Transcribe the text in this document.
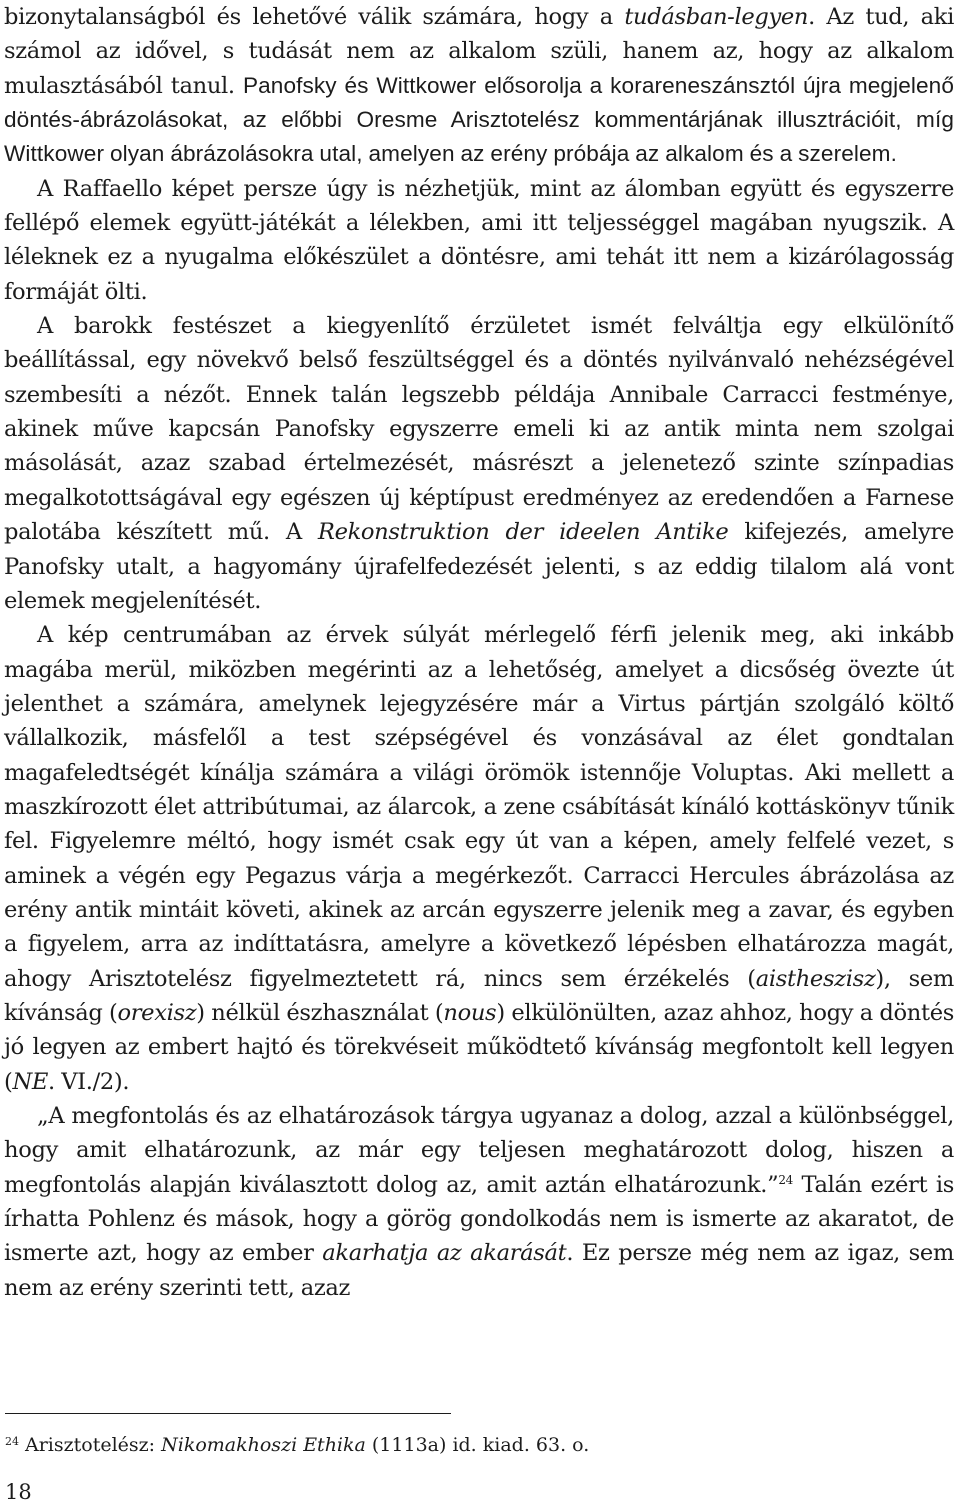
bizonytalanságból és lehetővé válik számára, hogy a tudásban-legyen. Az tud, aki számol az idővel, s tudását nem az alkalom szüli, hanem az, hogy az alkalom mulasztásából tanul. Panofsky és Wittkower elősorolja a korareneszánsztól újra megjelenő döntés-ábrázolásokat, az előbbi Oresme Arisztotelész kommentárjának illusztrációit, míg Wittkower olyan ábrázolásokra utal, amelyen az erény próbája az alkalom és a szerelem.

A Raffaello képet persze úgy is nézhetjük, mint az álomban együtt és egyszerre fellépő elemek együtt-játékát a lélekben, ami itt teljességgel magában nyugszik. A léleknek ez a nyugalma előkészület a döntésre, ami tehát itt nem a kizárólagosság formáját ölti.

A barokk festészet a kiegyenlítő érzületet ismét felváltja egy elkülönítő beállítással, egy növekvő belső feszültséggel és a döntés nyilvánvaló nehézségével szembesíti a nézőt. Ennek talán legszebb példája Annibale Carracci festménye, akinek műve kapcsán Panofsky egyszerre emeli ki az antik minta nem szolgai másolását, azaz szabad értelmezését, másrészt a jelenetező szinte színpadias megalkotottságával egy egészen új képtípust eredményez az eredendően a Farnese palotába készített mű. A Rekonstruktion der ideelen Antike kifejezés, amelyre Panofsky utalt, a hagyomány újrafelfedezését jelenti, s az eddig tilalom alá vont elemek megjelenítését.

A kép centrumában az érvek súlyát mérlegelő férfi jelenik meg, aki inkább magába merül, miközben megérinti az a lehetőség, amelyet a dicsőség övezte út jelenthet a számára, amelynek lejegyzésére már a Virtus pártján szolgáló költő vállalkozik, másfelől a test szépségével és vonzásával az élet gondtalan magafeledtségét kínálja számára a világi örömök istennője Voluptas. Aki mellett a maszkírozott élet attribútumai, az álarcok, a zene csábítását kínáló kottáskönyv tűnik fel. Figyelemre méltó, hogy ismét csak egy út van a képen, amely felfelé vezet, s aminek a végén egy Pegazus várja a megérkezőt. Carracci Hercules ábrázolása az erény antik mintáit követi, akinek az arcán egyszerre jelenik meg a zavar, és egyben a figyelem, arra az indíttatásra, amelyre a következő lépésben elhatározza magát, ahogy Arisztotelész figyelmeztetett rá, nincs sem érzékelés (aistheszisz), sem kívánság (orexisz) nélkül észhasználat (nous) elkülönülten, azaz ahhoz, hogy a döntés jó legyen az embert hajtó és törekvéseit működtető kívánság megfontolt kell legyen (NE. VI./2).

„A megfontolás és az elhatározások tárgya ugyanaz a dolog, azzal a különbséggel, hogy amit elhatározunk, az már egy teljesen meghatározott dolog, hiszen a megfontolás alapján kiválasztott dolog az, amit aztán elhatározunk.”$^{24}$ Talán ezért is írhatta Pohlenz és mások, hogy a görög gondolkodás nem is ismerte az akaratot, de ismerte azt, hogy az ember akarhatja az akarását. Ez persze még nem az igaz, sem nem az erény szerinti tett, azaz

$^{24}$ Arisztotelész: Nikomakhoszi Ethika (1113a) id. kiad. 63. o.
18
